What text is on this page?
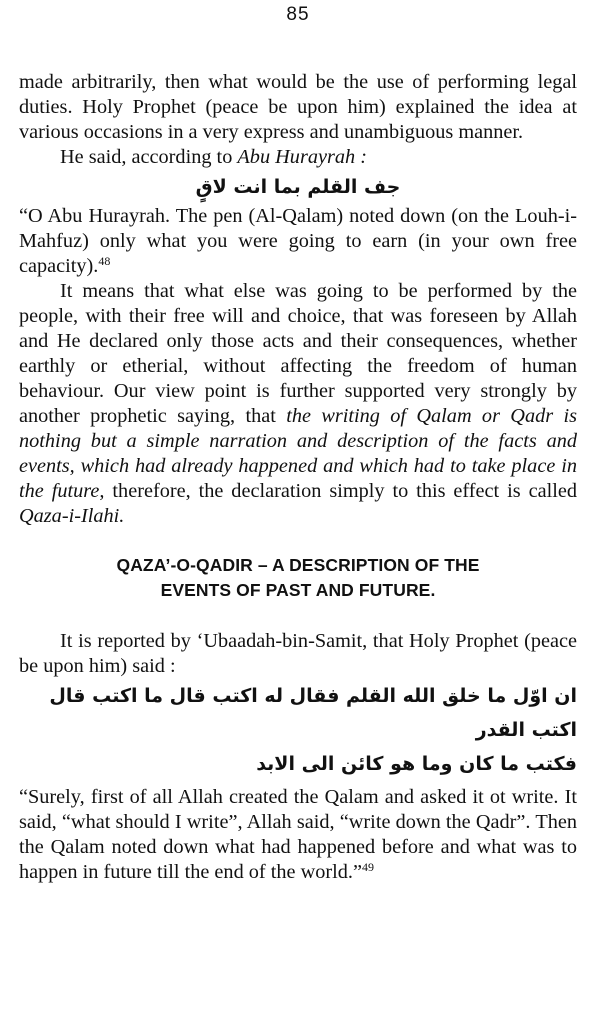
85

made arbitrarily, then what would be the use of performing legal duties. Holy Prophet (peace be upon him) explained the idea at various occasions in a very express and unambiguous manner.

He said, according to Abu Hurayrah :

جف القلم بما انت لاقٍ

“O Abu Hurayrah. The pen (Al-Qalam) noted down (on the Louh-i-Mahfuz) only what you were going to earn (in your own free capacity).$^{48}$

It means that what else was going to be performed by the people, with their free will and choice, that was foreseen by Allah and He declared only those acts and their consequences, whether earthly or etherial, without affecting the freedom of human behaviour. Our view point is further supported very strongly by another prophetic saying, that the writing of Qalam or Qadr is nothing but a simple narration and description of the facts and events, which had already happened and which had to take place in the future, therefore, the declaration simply to this effect is called Qaza-i-Ilahi.

QAZA’-O-QADIR – A DESCRIPTION OF THE
EVENTS OF PAST AND FUTURE.

It is reported by ‘Ubaadah-bin-Samit, that Holy Prophet (peace be upon him) said :

ان اوّل ما خلق الله القلم فقال له اكتب قال ما اكتب قال اكتب القدر
فكتب ما كان وما هو كائن الى الابد

“Surely, first of all Allah created the Qalam and asked it ot write. It said, “what should I write”, Allah said, “write down the Qadr”. Then the Qalam noted down what had happened before and what was to happen in future till the end of the world.”$^{49}$
